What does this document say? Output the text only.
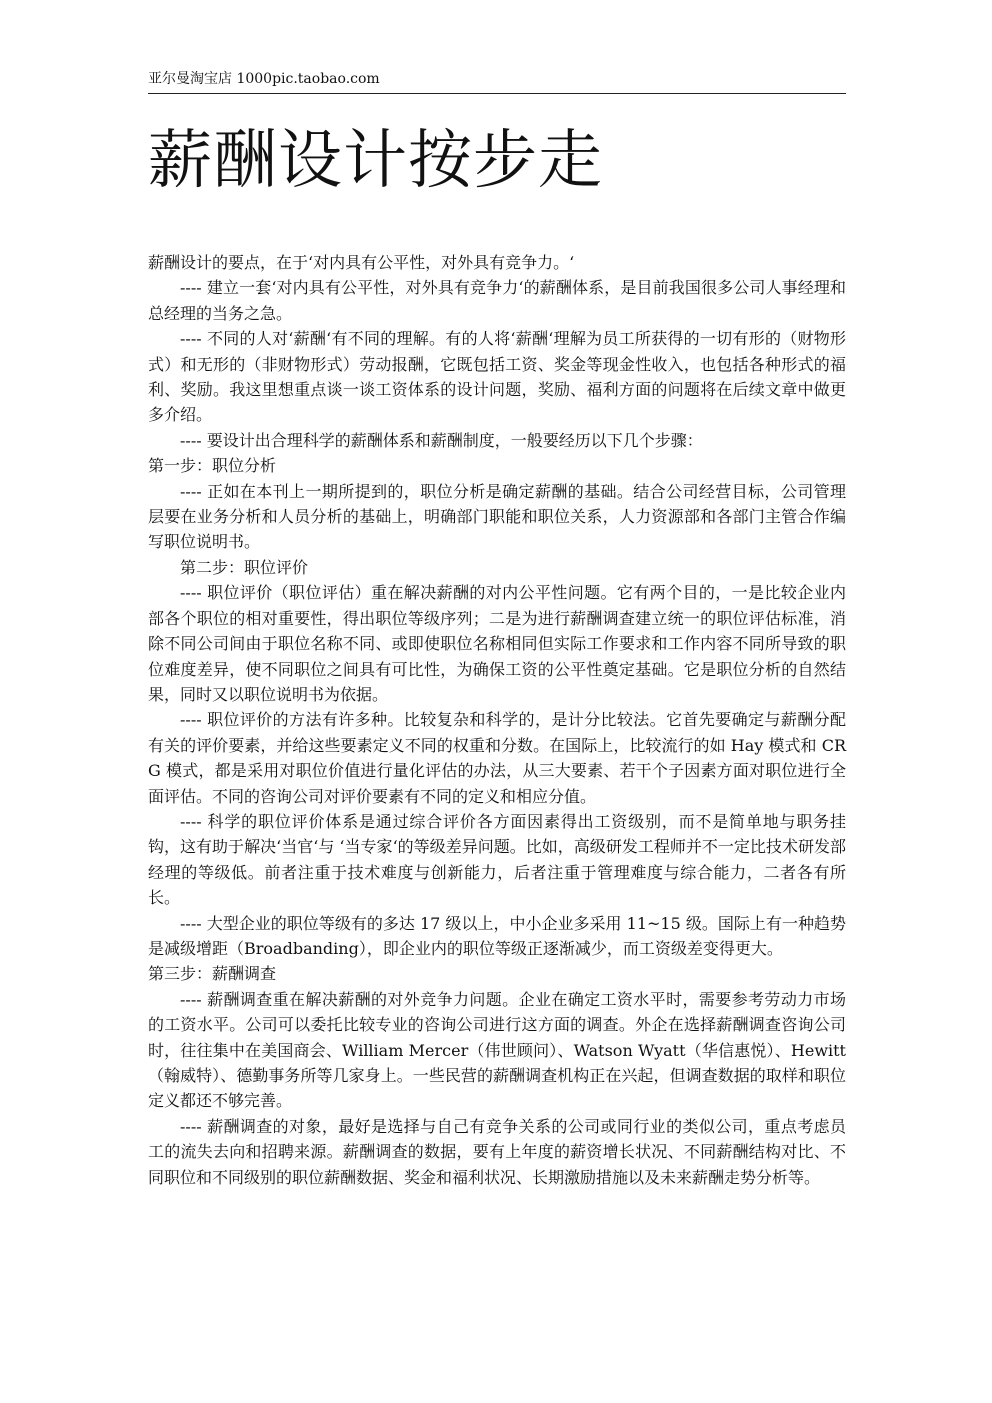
亚尔曼淘宝店 1000pic.taobao.com
薪酬设计按步走

薪酬设计的要点，在于‘对内具有公平性，对外具有竞争力。‘

---- 建立一套‘对内具有公平性，对外具有竞争力‘的薪酬体系，是目前我国很多公司人事经理和总经理的当务之急。

---- 不同的人对‘薪酬‘有不同的理解。有的人将‘薪酬‘理解为员工所获得的一切有形的（财物形式）和无形的（非财物形式）劳动报酬，它既包括工资、奖金等现金性收入，也包括各种形式的福利、奖励。我这里想重点谈一谈工资体系的设计问题，奖励、福利方面的问题将在后续文章中做更多介绍。

---- 要设计出合理科学的薪酬体系和薪酬制度，一般要经历以下几个步骤：

第一步：职位分析

---- 正如在本刊上一期所提到的，职位分析是确定薪酬的基础。结合公司经营目标，公司管理层要在业务分析和人员分析的基础上，明确部门职能和职位关系，人力资源部和各部门主管合作编写职位说明书。

第二步：职位评价

---- 职位评价（职位评估）重在解决薪酬的对内公平性问题。它有两个目的，一是比较企业内部各个职位的相对重要性，得出职位等级序列；二是为进行薪酬调查建立统一的职位评估标准，消除不同公司间由于职位名称不同、或即使职位名称相同但实际工作要求和工作内容不同所导致的职位难度差异，使不同职位之间具有可比性，为确保工资的公平性奠定基础。它是职位分析的自然结果，同时又以职位说明书为依据。

---- 职位评价的方法有许多种。比较复杂和科学的，是计分比较法。它首先要确定与薪酬分配有关的评价要素，并给这些要素定义不同的权重和分数。在国际上，比较流行的如 Hay 模式和 CRG 模式，都是采用对职位价值进行量化评估的办法，从三大要素、若干个子因素方面对职位进行全面评估。不同的咨询公司对评价要素有不同的定义和相应分值。

---- 科学的职位评价体系是通过综合评价各方面因素得出工资级别，而不是简单地与职务挂钩，这有助于解决‘当官‘与 ‘当专家‘的等级差异问题。比如，高级研发工程师并不一定比技术研发部经理的等级低。前者注重于技术难度与创新能力，后者注重于管理难度与综合能力，二者各有所长。

---- 大型企业的职位等级有的多达 17 级以上，中小企业多采用 11~15 级。国际上有一种趋势是减级增距（Broadbanding），即企业内的职位等级正逐渐减少，而工资级差变得更大。

第三步：薪酬调查

---- 薪酬调查重在解决薪酬的对外竞争力问题。企业在确定工资水平时，需要参考劳动力市场的工资水平。公司可以委托比较专业的咨询公司进行这方面的调查。外企在选择薪酬调查咨询公司时，往往集中在美国商会、William Mercer（伟世顾问）、Watson Wyatt（华信惠悦）、Hewitt（翰威特）、德勤事务所等几家身上。一些民营的薪酬调查机构正在兴起，但调查数据的取样和职位定义都还不够完善。

---- 薪酬调查的对象，最好是选择与自己有竞争关系的公司或同行业的类似公司，重点考虑员工的流失去向和招聘来源。薪酬调查的数据，要有上年度的薪资增长状况、不同薪酬结构对比、不同职位和不同级别的职位薪酬数据、奖金和福利状况、长期激励措施以及未来薪酬走势分析等。
